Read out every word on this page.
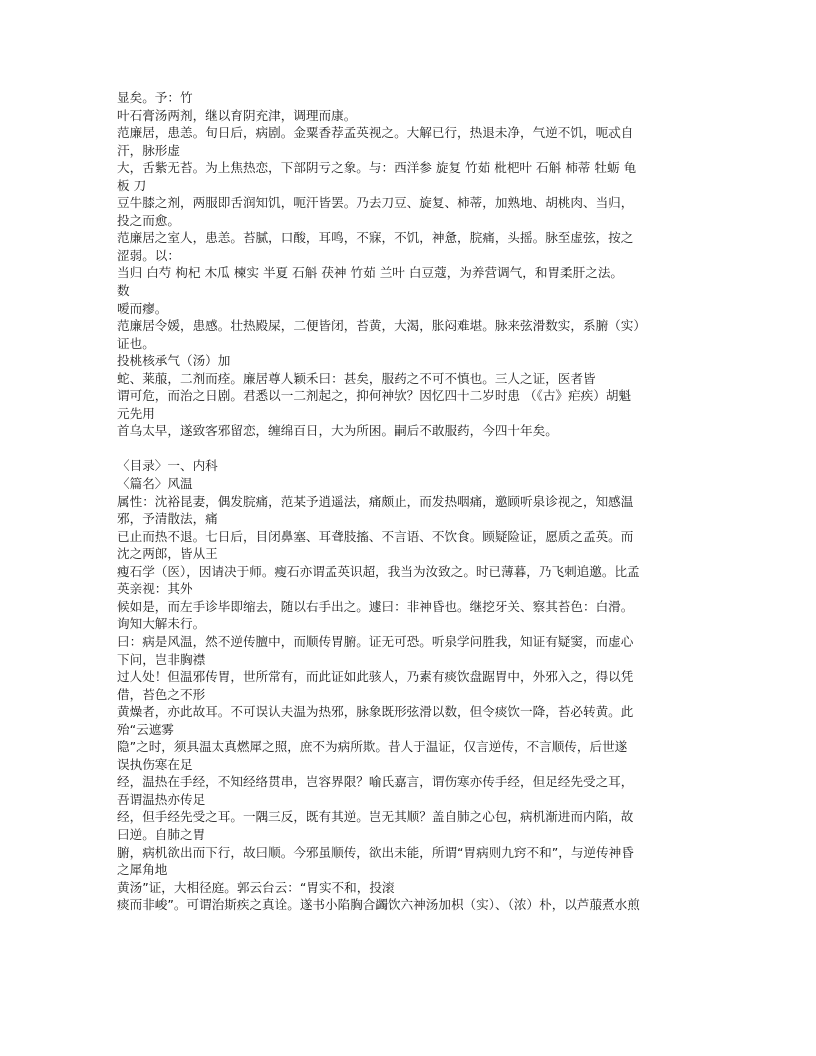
显矣。予：竹
叶石膏汤两剂，继以育阴充津，调理而康。
范廉居，患恙。旬日后，病剧。金粟香荐孟英视之。大解已行，热退未净，气逆不饥，呃忒自
汗，脉形虚
大，舌紫无苔。为上焦热恋，下部阴亏之象。与：西洋参 旋复 竹茹 枇杷叶 石斛 柿蒂 牡蛎 龟
板 刀
豆牛膝之剂，两服即舌润知饥，呃汗皆罢。乃去刀豆、旋复、柿蒂，加熟地、胡桃肉、当归，
投之而愈。
范廉居之室人，患恙。苔腻，口酸，耳鸣，不寐，不饥，神惫，脘痛，头摇。脉至虚弦，按之
涩弱。以：
当归 白芍 枸杞 木瓜 楝实 半夏 石斛 茯神 竹茹 兰叶 白豆蔻，为养营调气，和胃柔肝之法。
数
嗳而瘳。
范廉居令媛，患感。壮热殿屎，二便皆闭，苔黄，大渴，胀闷难堪。脉来弦滑数实，系腑（实）
证也。
投桃核承气（汤）加
蛇、莱菔，二剂而痊。廉居尊人颖禾曰：甚矣，服药之不可不慎也。三人之证，医者皆
谓可危，而治之日剧。君悉以一二剂起之，抑何神欤？因忆四十二岁时患 （《古》疟疾）胡魁
元先用
首乌太早，遂致客邪留恋，缠绵百日，大为所困。嗣后不敢服药，今四十年矣。
〈目录〉一、内科
〈篇名〉风温
属性：沈裕昆妻，偶发脘痛，范某予逍遥法，痛颇止，而发热咽痛，邀顾听泉诊视之，知感温
邪，予清散法，痛
已止而热不退。七日后，目闭鼻塞、耳聋肢搐、不言语、不饮食。顾疑险证，愿质之孟英。而
沈之两郎，皆从王
瘦石学（医），因请决于师。瘦石亦谓孟英识超，我当为汝致之。时已薄暮，乃飞刺追邀。比孟
英亲视：其外
候如是，而左手诊毕即缩去，随以右手出之。遽曰：非神昏也。继挖牙关、察其苔色：白滑。
询知大解未行。
曰：病是风温，然不逆传膻中，而顺传胃腑。证无可恐。听泉学问胜我，知证有疑窦，而虚心
下问，岂非胸襟
过人处！但温邪传胃，世所常有，而此证如此骇人，乃素有痰饮盘踞胃中，外邪入之，得以凭
借，苔色之不形
黄燥者，亦此故耳。不可误认夫温为热邪，脉象既形弦滑以数，但令痰饮一降，苔必转黄。此
殆“云遮雾
隐”之时，须具温太真燃犀之照，庶不为病所欺。昔人于温证，仅言逆传，不言顺传，后世遂
误执伤寒在足
经，温热在手经，不知经络贯串，岂容界限？喻氏嘉言，谓伤寒亦传手经，但足经先受之耳，
吾谓温热亦传足
经，但手经先受之耳。一隅三反，既有其逆。岂无其顺？盖自肺之心包，病机渐进而内陷，故
曰逆。自肺之胃
腑，病机欲出而下行，故曰顺。今邪虽顺传，欲出未能，所谓“胃病则九窍不和”，与逆传神昏
之犀角地
黄汤”证，大相径庭。郭云台云：“胃实不和，投滚
痰而非峻”。可谓治斯疾之真诠。遂书小陷胸合蠲饮六神汤加枳（实）、（浓）朴，以芦菔煮水煎
